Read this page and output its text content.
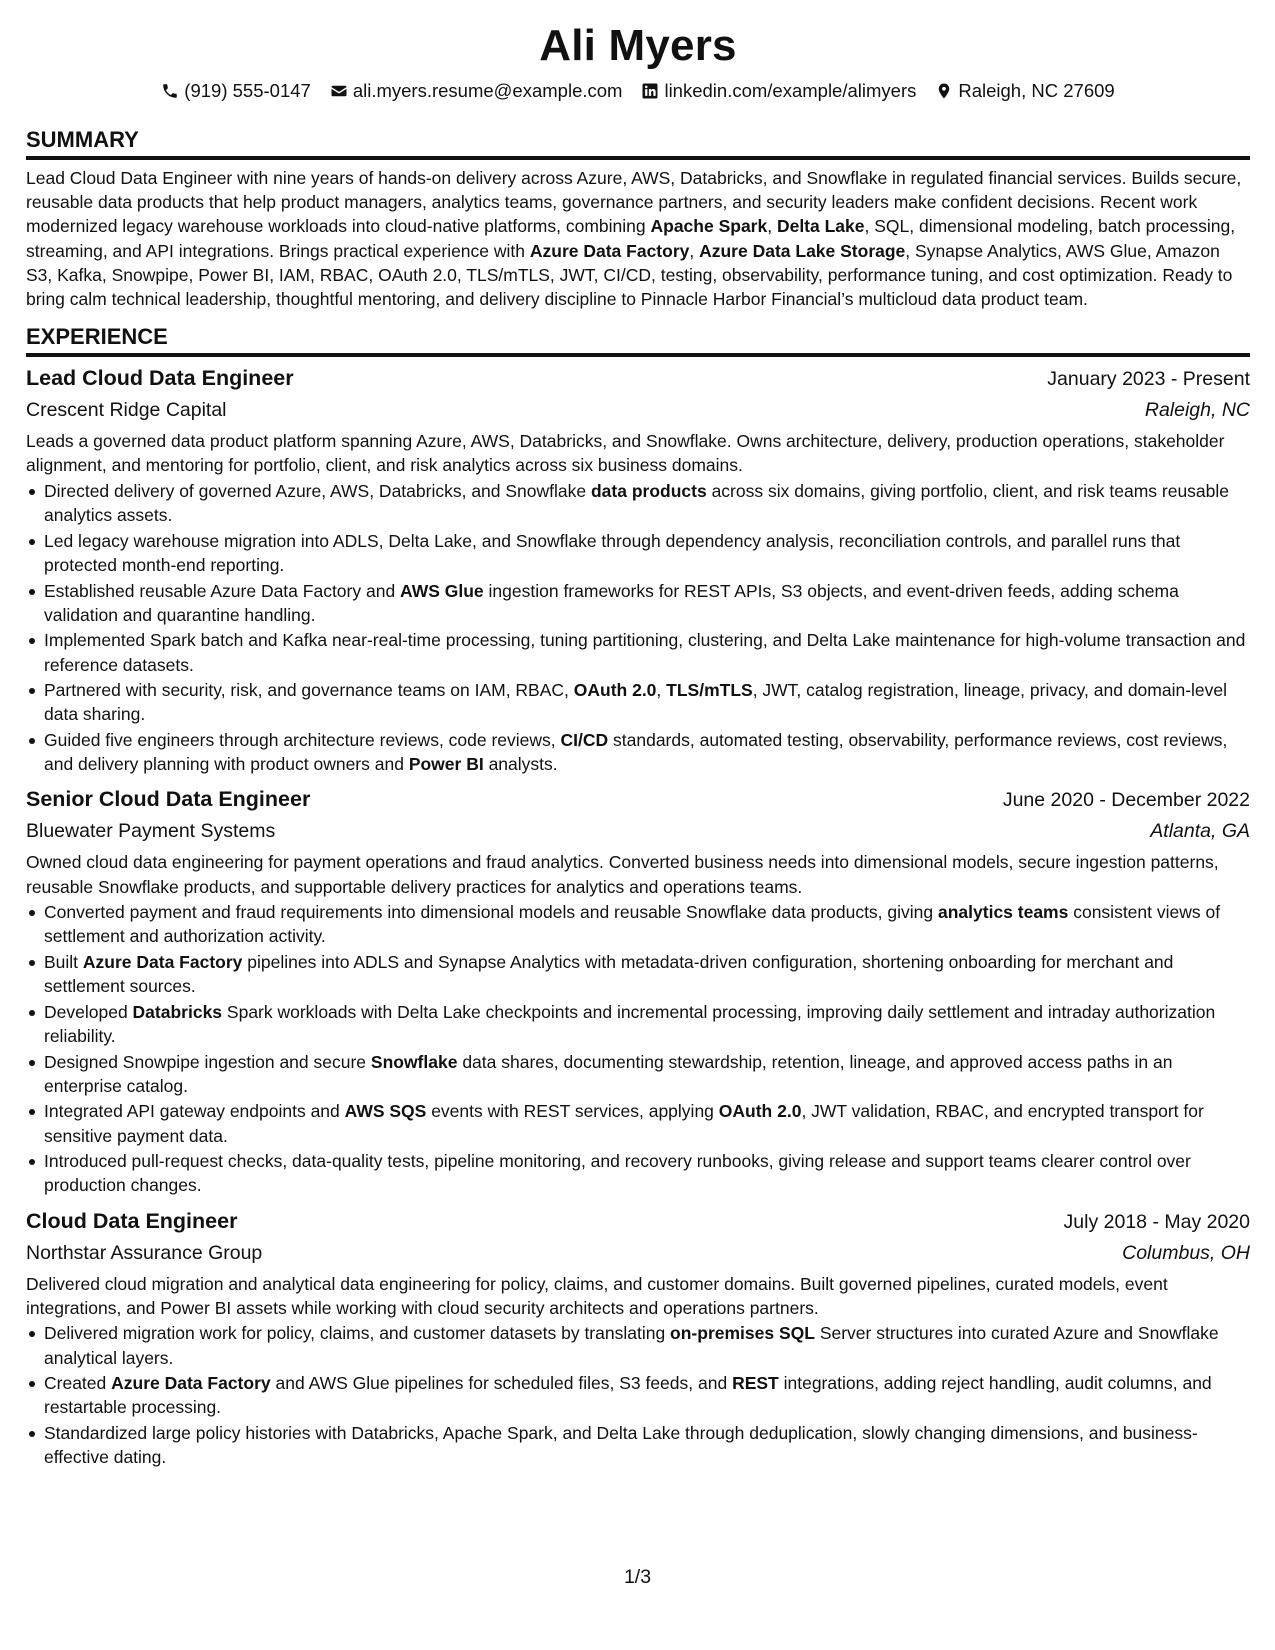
Ali Myers
(919) 555-0147 ali.myers.resume@example.com linkedin.com/example/alimyers Raleigh, NC 27609
SUMMARY

Lead Cloud Data Engineer with nine years of hands-on delivery across Azure, AWS, Databricks, and Snowflake in regulated financial services. Builds secure, reusable data products that help product managers, analytics teams, governance partners, and security leaders make confident decisions. Recent work modernized legacy warehouse workloads into cloud-native platforms, combining Apache Spark, Delta Lake, SQL, dimensional modeling, batch processing, streaming, and API integrations. Brings practical experience with Azure Data Factory, Azure Data Lake Storage, Synapse Analytics, AWS Glue, Amazon S3, Kafka, Snowpipe, Power BI, IAM, RBAC, OAuth 2.0, TLS/mTLS, JWT, CI/CD, testing, observability, performance tuning, and cost optimization. Ready to bring calm technical leadership, thoughtful mentoring, and delivery discipline to Pinnacle Harbor Financial’s multicloud data product team.

EXPERIENCE
Lead Cloud Data Engineer	January 2023 - Present
Crescent Ridge Capital	Raleigh, NC

Leads a governed data product platform spanning Azure, AWS, Databricks, and Snowflake. Owns architecture, delivery, production operations, stakeholder alignment, and mentoring for portfolio, client, and risk analytics across six business domains.

Directed delivery of governed Azure, AWS, Databricks, and Snowflake data products across six domains, giving portfolio, client, and risk teams reusable analytics assets.
Led legacy warehouse migration into ADLS, Delta Lake, and Snowflake through dependency analysis, reconciliation controls, and parallel runs that protected month-end reporting.
Established reusable Azure Data Factory and AWS Glue ingestion frameworks for REST APIs, S3 objects, and event-driven feeds, adding schema validation and quarantine handling.
Implemented Spark batch and Kafka near-real-time processing, tuning partitioning, clustering, and Delta Lake maintenance for high-volume transaction and reference datasets.
Partnered with security, risk, and governance teams on IAM, RBAC, OAuth 2.0, TLS/mTLS, JWT, catalog registration, lineage, privacy, and domain-level data sharing.
Guided five engineers through architecture reviews, code reviews, CI/CD standards, automated testing, observability, performance reviews, cost reviews, and delivery planning with product owners and Power BI analysts.
Senior Cloud Data Engineer	June 2020 - December 2022
Bluewater Payment Systems	Atlanta, GA

Owned cloud data engineering for payment operations and fraud analytics. Converted business needs into dimensional models, secure ingestion patterns, reusable Snowflake products, and supportable delivery practices for analytics and operations teams.

Converted payment and fraud requirements into dimensional models and reusable Snowflake data products, giving analytics teams consistent views of settlement and authorization activity.
Built Azure Data Factory pipelines into ADLS and Synapse Analytics with metadata-driven configuration, shortening onboarding for merchant and settlement sources.
Developed Databricks Spark workloads with Delta Lake checkpoints and incremental processing, improving daily settlement and intraday authorization reliability.
Designed Snowpipe ingestion and secure Snowflake data shares, documenting stewardship, retention, lineage, and approved access paths in an enterprise catalog.
Integrated API gateway endpoints and AWS SQS events with REST services, applying OAuth 2.0, JWT validation, RBAC, and encrypted transport for sensitive payment data.
Introduced pull-request checks, data-quality tests, pipeline monitoring, and recovery runbooks, giving release and support teams clearer control over production changes.
Cloud Data Engineer	July 2018 - May 2020
Northstar Assurance Group	Columbus, OH

Delivered cloud migration and analytical data engineering for policy, claims, and customer domains. Built governed pipelines, curated models, event integrations, and Power BI assets while working with cloud security architects and operations partners.

Delivered migration work for policy, claims, and customer datasets by translating on-premises SQL Server structures into curated Azure and Snowflake analytical layers.
Created Azure Data Factory and AWS Glue pipelines for scheduled files, S3 feeds, and REST integrations, adding reject handling, audit columns, and restartable processing.
Standardized large policy histories with Databricks, Apache Spark, and Delta Lake through deduplication, slowly changing dimensions, and business-effective dating.
1/3
